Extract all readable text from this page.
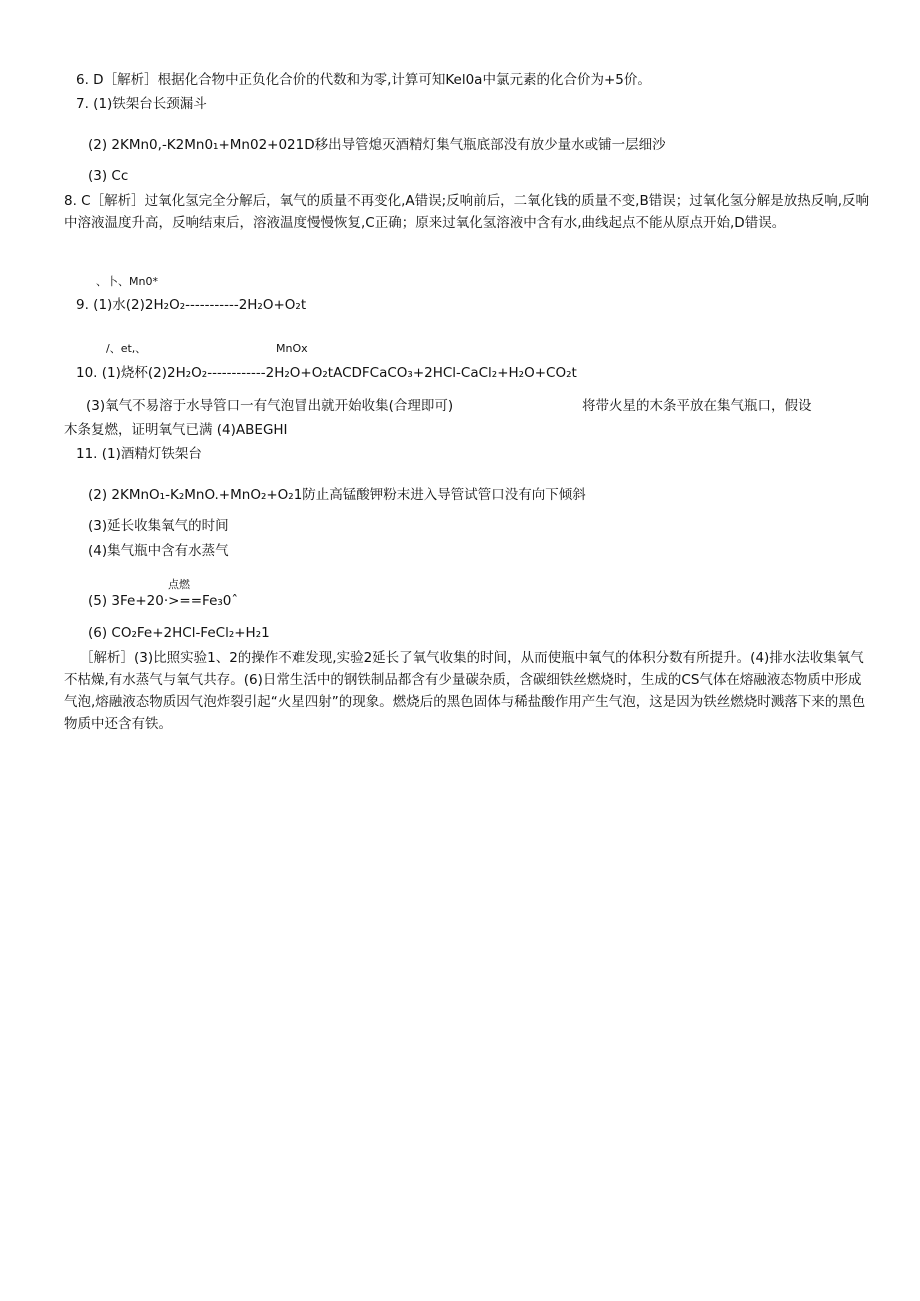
6. D［解析］根据化合物中正负化合价的代数和为零,计算可知Kel0a中氯元素的化合价为+5价。
7. (1)铁架台长颈漏斗
(2) 2KMn0,-K2Mn0₁+Mn02+021D移出导管熄灭酒精灯集气瓶底部没有放少量水或铺一层细沙
(3) Cc
8. C［解析］过氧化氢完全分解后，氧气的质量不再变化,A错误;反响前后，二氧化钱的质量不变,B错误；过氧化氢分解是放热反响,反响中溶液温度升高，反响结束后，溶液温度慢慢恢复,C正确；原来过氧化氢溶液中含有水,曲线起点不能从原点开始,D错误。
、卜、Mn0*
9. (1)水(2)2H₂O₂-----------2H₂O+O₂t
/、et,、	MnOx
10. (1)烧杯(2)2H₂O₂------------2H₂O+O₂tACDFCaCO₃+2HCl-CaCl₂+H₂O+CO₂t
(3)氧气不易溶于水导管口一有气泡冒出就开始收集(合理即可)	将带火星的木条平放在集气瓶口，假设
木条复燃，证明氧气已满 (4)ABEGHI
11. (1)酒精灯铁架台
(2) 2KMnO₁-K₂MnO.+MnO₂+O₂1防止高锰酸钾粉末进入导管试管口没有向下倾斜
(3)延长收集氧气的时间
(4)集气瓶中含有水蒸气
点燃
(5) 3Fe+20·>==Fe₃0ˆ
(6) CO₂Fe+2HCl-FeCl₂+H₂1
［解析］(3)比照实验1、2的操作不难发现,实验2延长了氧气收集的时间，从而使瓶中氧气的体积分数有所提升。(4)排水法收集氧气不枯燥,有水蒸气与氧气共存。(6)日常生活中的钢铁制品都含有少量碳杂质，含碳细铁丝燃烧时，生成的CS气体在熔融液态物质中形成气泡,熔融液态物质因气泡炸裂引起“火星四射”的现象。燃烧后的黑色固体与稀盐酸作用产生气泡，这是因为铁丝燃烧时溅落下来的黑色物质中还含有铁。
